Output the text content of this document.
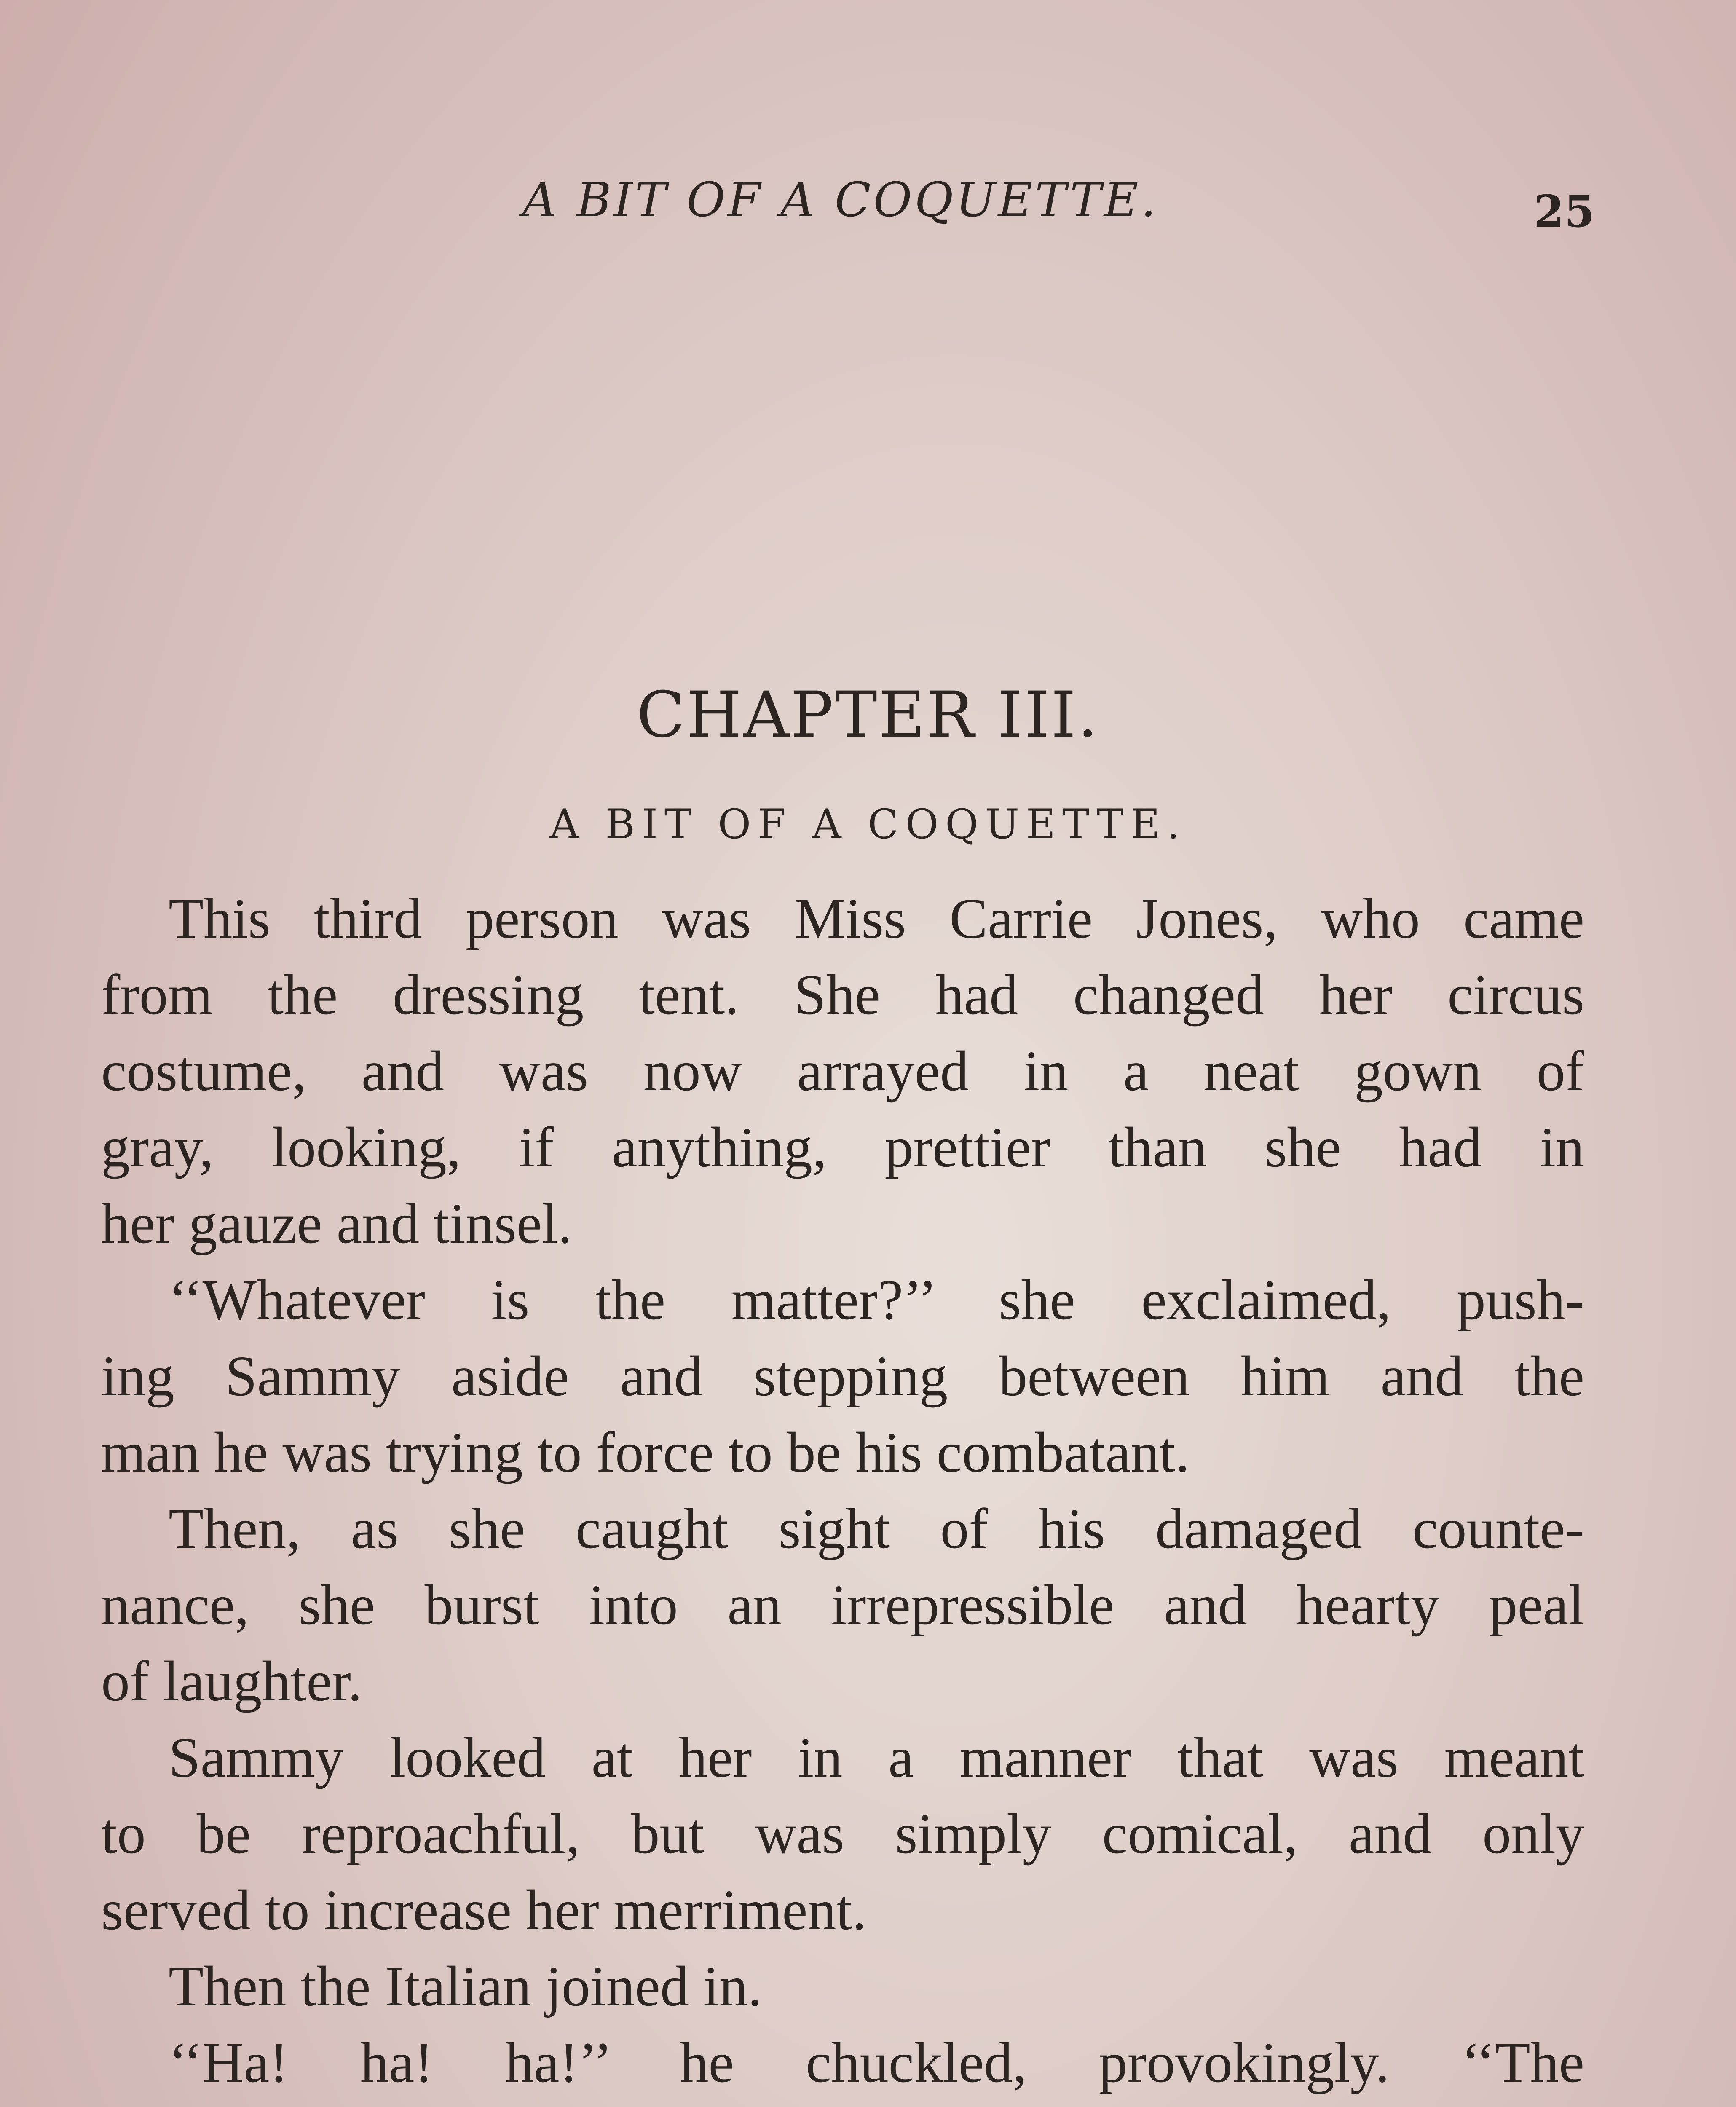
A BIT OF A COQUETTE.	25
CHAPTER III.
A BIT OF A COQUETTE.
This third person was Miss Carrie Jones, who came
from the dressing tent. She had changed her circus
costume, and was now arrayed in a neat gown of
gray, looking, if anything, prettier than she had in
her gauze and tinsel.
‘‘Whatever is the matter?’’ she exclaimed, push-
ing Sammy aside and stepping between him and the
man he was trying to force to be his combatant.
Then, as she caught sight of his damaged counte-
nance, she burst into an irrepressible and hearty peal
of laughter.
Sammy looked at her in a manner that was meant
to be reproachful, but was simply comical, and only
served to increase her merriment.
Then the Italian joined in.
‘‘Ha! ha! ha!’’ he chuckled, provokingly. ‘‘The
